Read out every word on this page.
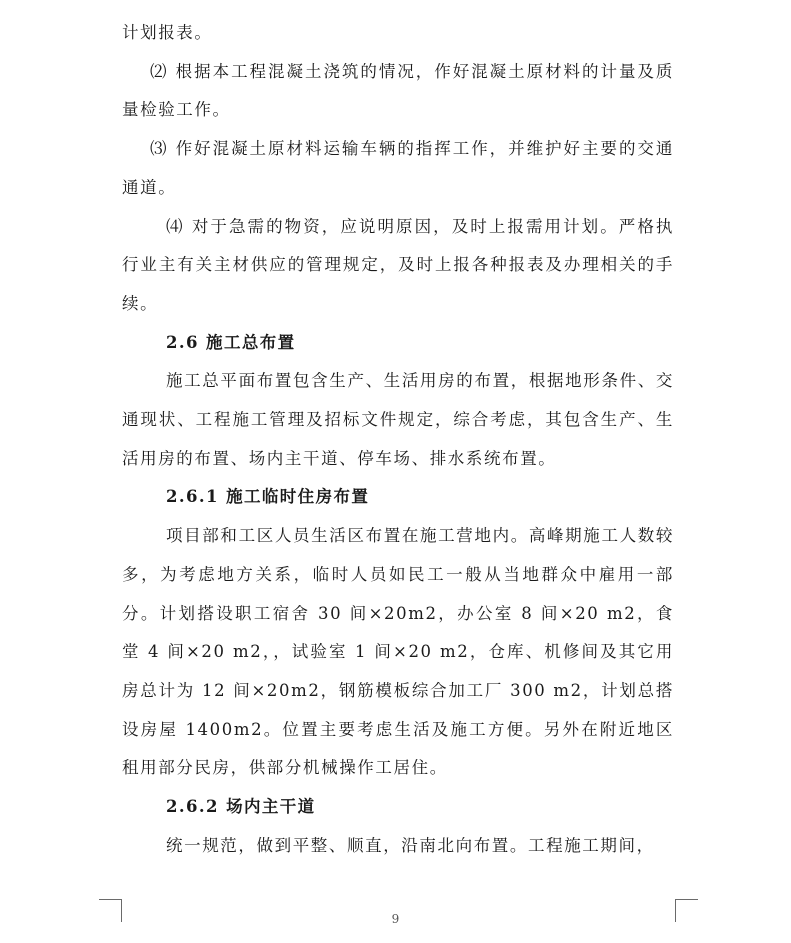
计划报表。

⑵ 根据本工程混凝土浇筑的情况，作好混凝土原材料的计量及质量检验工作。

⑶ 作好混凝土原材料运输车辆的指挥工作，并维护好主要的交通通道。

⑷ 对于急需的物资，应说明原因，及时上报需用计划。严格执行业主有关主材供应的管理规定，及时上报各种报表及办理相关的手续。

2.6 施工总布置

施工总平面布置包含生产、生活用房的布置，根据地形条件、交通现状、工程施工管理及招标文件规定，综合考虑，其包含生产、生活用房的布置、场内主干道、停车场、排水系统布置。

2.6.1 施工临时住房布置

项目部和工区人员生活区布置在施工营地内。高峰期施工人数较多，为考虑地方关系，临时人员如民工一般从当地群众中雇用一部分。计划搭设职工宿舍 30 间×20m2，办公室 8 间×20 m2，食堂 4 间×20 m2，，试验室 1 间×20 m2，仓库、机修间及其它用房总计为 12 间×20m2，钢筋模板综合加工厂 300 m2，计划总搭设房屋 1400m2。位置主要考虑生活及施工方便。另外在附近地区租用部分民房，供部分机械操作工居住。

2.6.2 场内主干道

统一规范，做到平整、顺直，沿南北向布置。工程施工期间，

9
